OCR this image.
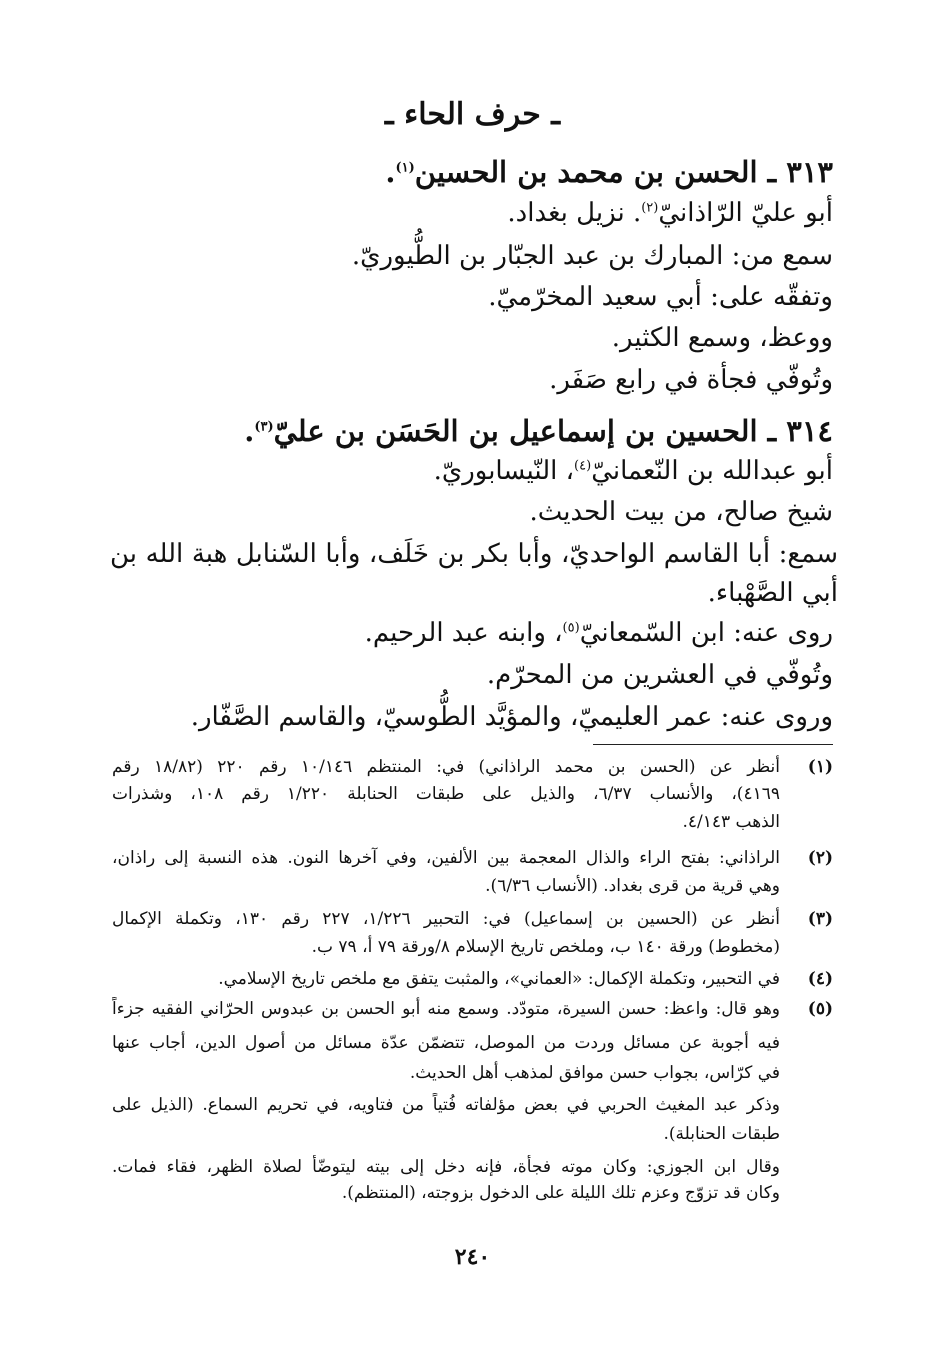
ـ حرف الحاء ـ
٣١٣ ـ الحسن بن محمد بن الحسين$^{(١)}$.
أبو عليّ الرّاذانيّ$^{(٢)}$. نزيل بغداد.
سمع من: المبارك بن عبد الجبّار بن الطُّيوريّ.
وتفقّه على: أبي سعيد المخرّميّ.
ووعظ، وسمع الكثير.
وتُوفّي فجأة في رابع صَفَر.
٣١٤ ـ الحسين بن إسماعيل بن الحَسَن بن عليّ$^{(٣)}$.
أبو عبدالله بن النّعمانيّ$^{(٤)}$، النّيسابوريّ.
شيخ صالح، من بيت الحديث.
سمع: أبا القاسم الواحديّ، وأبا بكر بن خَلَف، وأبا السّنابل هبة الله بن
أبي الصَّهْباء.
روى عنه: ابن السّمعانيّ$^{(٥)}$، وابنه عبد الرحيم.
وتُوفّي في العشرين من المحرّم.
وروى عنه: عمر العليميّ، والمؤيَّد الطُّوسيّ، والقاسم الصَّفّار.
(١)
أنظر عن (الحسن بن محمد الراذاني) في: المنتظم ١٠/١٤٦ رقم ٢٢٠ (١٨/٨٢ رقم
٤١٦٩)، والأنساب ٦/٣٧، والذيل على طبقات الحنابلة ١/٢٢٠ رقم ١٠٨، وشذرات
الذهب ٤/١٤٣.
(٢)
الراذاني: بفتح الراء والذال المعجمة بين الألفين، وفي آخرها النون. هذه النسبة إلى راذان،
وهي قرية من قرى بغداد. (الأنساب ٦/٣٦).
(٣)
أنظر عن (الحسين بن إسماعيل) في: التحبير ١/٢٢٦، ٢٢٧ رقم ١٣٠، وتكملة الإكمال
(مخطوط) ورقة ١٤٠ ب، وملخص تاريخ الإسلام ٨/ورقة ٧٩ أ، ٧٩ ب.
(٤)
في التحبير، وتكملة الإكمال: «العماني»، والمثبت يتفق مع ملخص تاريخ الإسلامي.
(٥)
وهو قال: واعظ: حسن السيرة، متودّد. وسمع منه أبو الحسن بن عبدوس الحرّاني الفقيه جزءاً
فيه أجوبة عن مسائل وردت من الموصل، تتضمّن عدّة مسائل من أصول الدين، أجاب عنها
في كرّاس، بجواب حسن موافق لمذهب أهل الحديث.
وذكر عبد المغيث الحربي في بعض مؤلفاته فُتياً من فتاويه، في تحريم السماع. (الذيل على
طبقات الحنابلة).
وقال ابن الجوزي: وكان موته فجأة، فإنه دخل إلى بيته ليتوضّأ لصلاة الظهر، فقاء فمات.
وكان قد تزوّج وعزم تلك الليلة على الدخول بزوجته، (المنتظم).
٢٤٠
